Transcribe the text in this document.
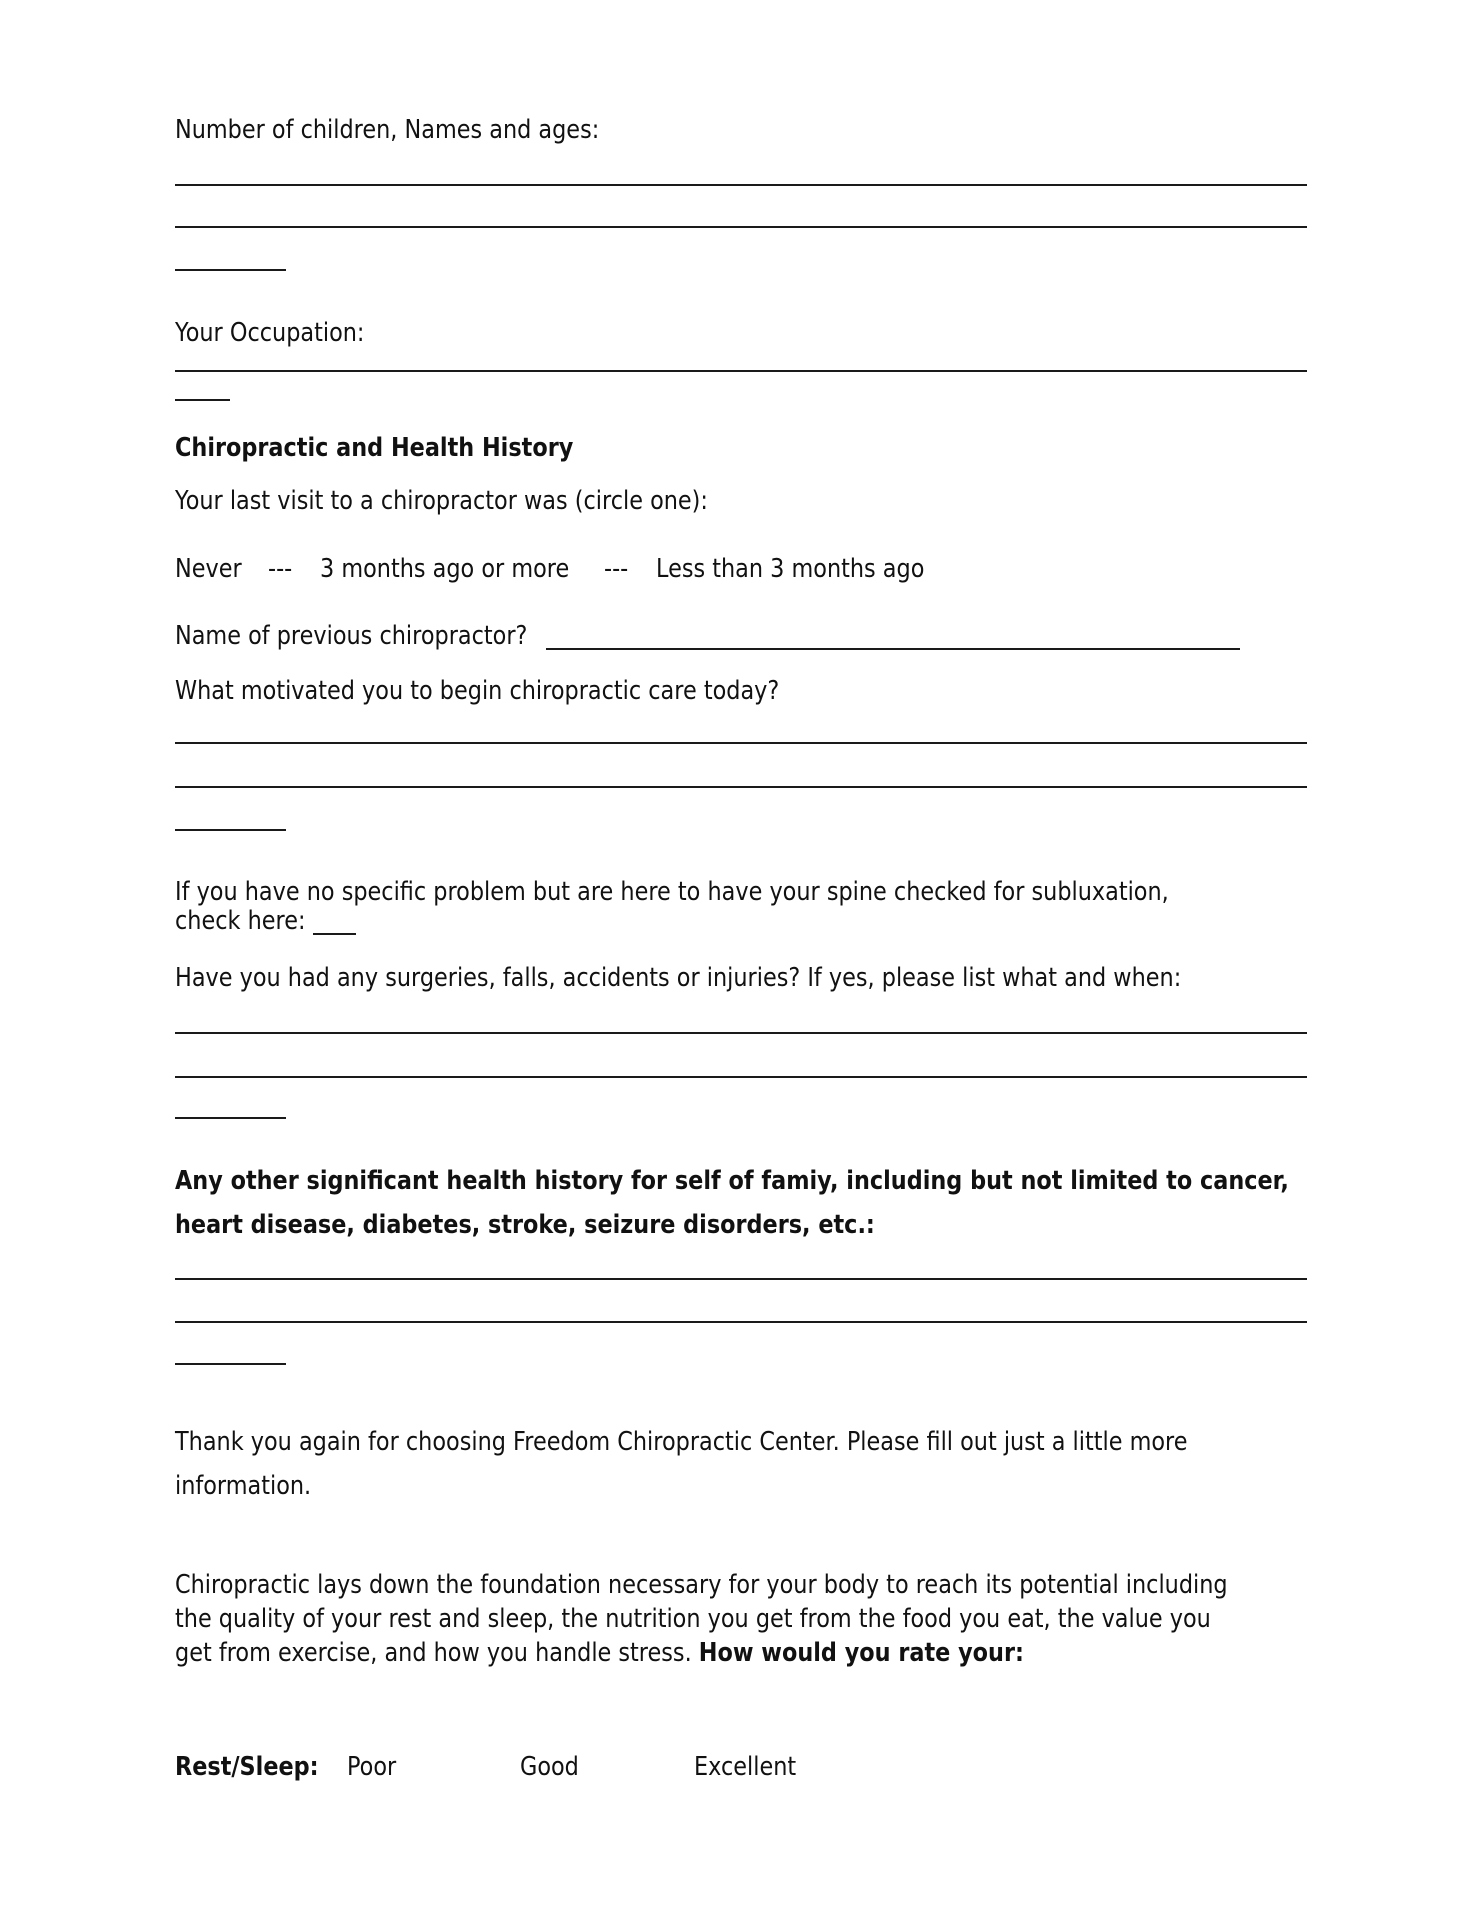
Number of children, Names and ages:
Your Occupation:
Chiropractic and Health History
Your last visit to a chiropractor was (circle one):
Never --- 3 months ago or more --- Less than 3 months ago
Name of previous chiropractor?
What motivated you to begin chiropractic care today?
If you have no specific problem but are here to have your spine checked for subluxation,
check here:
Have you had any surgeries, falls, accidents or injuries? If yes, please list what and when:
Any other significant health history for self of famiy, including but not limited to cancer,
heart disease, diabetes, stroke, seizure disorders, etc.:
Thank you again for choosing Freedom Chiropractic Center. Please fill out just a little more
information.
Chiropractic lays down the foundation necessary for your body to reach its potential including
the quality of your rest and sleep, the nutrition you get from the food you eat, the value you
get from exercise, and how you handle stress. How would you rate your:
Rest/Sleep: Poor	Good	Excellent
